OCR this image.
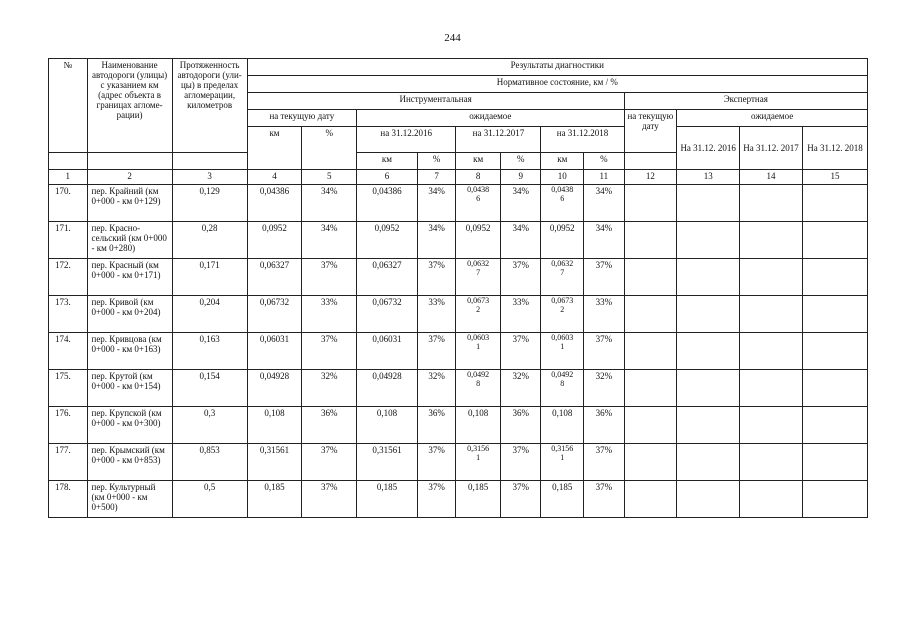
244
№	Наименование автодороги (улицы) с указанием км (адрес объекта в границах агломерации)	Протяженность автодороги (улицы) в пределах агломерации, километров	Результаты диагностики											
			Нормативное состояние, км / %											
			Инструментальная								Экспертная			
			на текущую дату		ожидаемое						на текущую дату	ожидаемое		
			км	%	на 31.12.2016		на 31.12.2017		на 31.12.2018			На 31.12. 2016	На 31.12. 2017	На 31.12. 2018
					км	%	км	%	км	%				
1	2	3	4	5	6	7	8	9	10	11	12	13	14	15
170.	пер. Крайний (км 0+000 - км 0+129)	0,129	0,04386	34%	0,04386	34%	0,0438 6	34%	0,0438 6	34%				
171.	пер. Красносельский (км 0+000 - км 0+280)	0,28	0,0952	34%	0,0952	34%	0,0952	34%	0,0952	34%				
172.	пер. Красный (км 0+000 - км 0+171)	0,171	0,06327	37%	0,06327	37%	0,0632 7	37%	0,0632 7	37%				
173.	пер. Кривой (км 0+000 - км 0+204)	0,204	0,06732	33%	0,06732	33%	0,0673 2	33%	0,0673 2	33%				
174.	пер. Кривцова (км 0+000 - км 0+163)	0,163	0,06031	37%	0,06031	37%	0,0603 1	37%	0,0603 1	37%				
175.	пер. Крутой (км 0+000 - км 0+154)	0,154	0,04928	32%	0,04928	32%	0,0492 8	32%	0,0492 8	32%				
176.	пер. Крупской (км 0+000 - км 0+300)	0,3	0,108	36%	0,108	36%	0,108	36%	0,108	36%				
177.	пер. Крымский (км 0+000 - км 0+853)	0,853	0,31561	37%	0,31561	37%	0,3156 1	37%	0,3156 1	37%				
178.	пер. Культурный (км 0+000 - км 0+500)	0,5	0,185	37%	0,185	37%	0,185	37%	0,185	37%				
